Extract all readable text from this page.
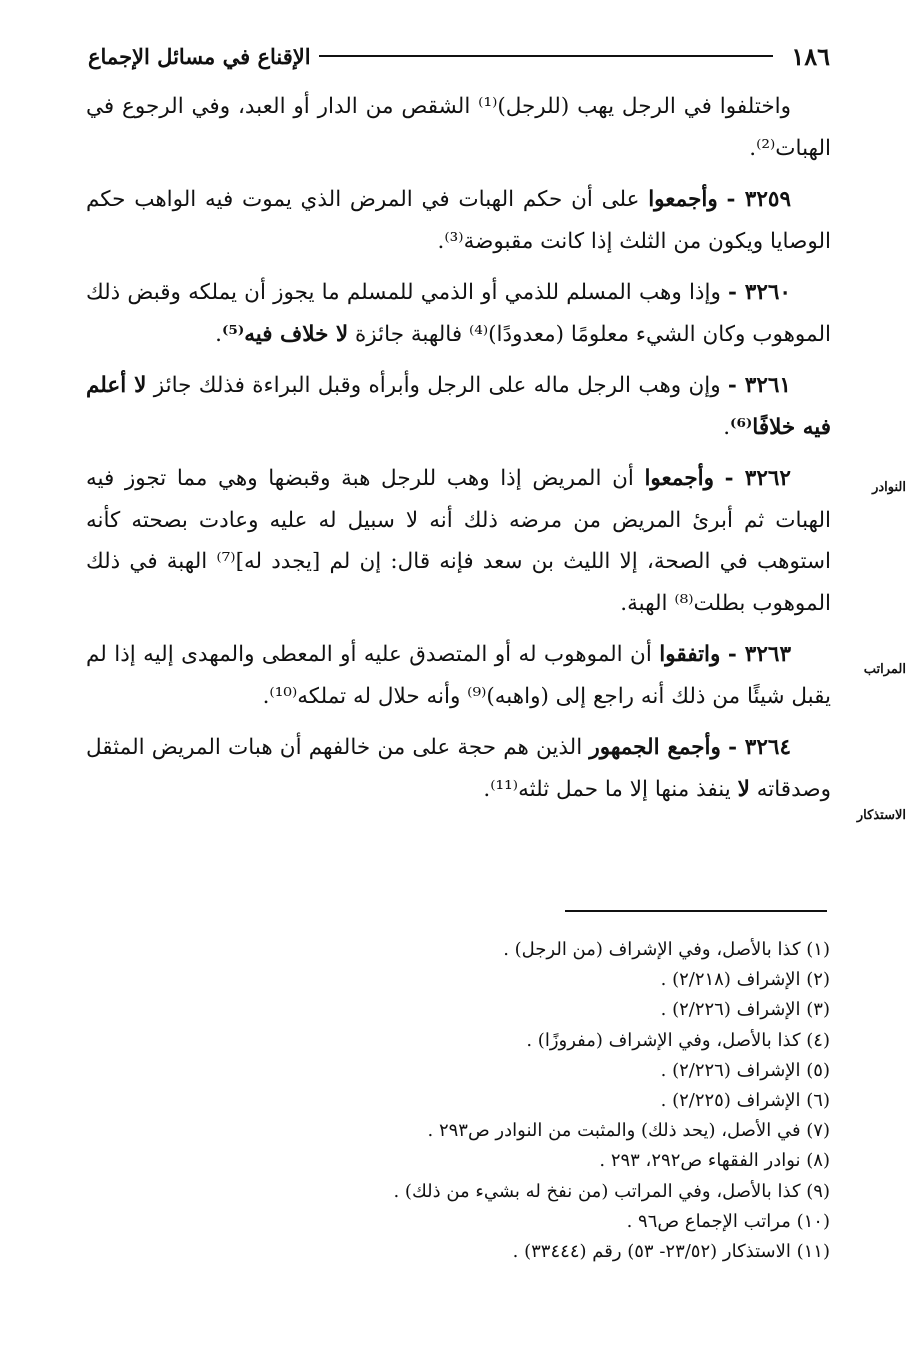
١٨٦
الإقناع في مسائل الإجماع

واختلفوا في الرجل يهب (للرجل)⁽¹⁾ الشقص من الدار أو العبد، وفي الرجوع في الهبات⁽²⁾.

٣٢٥٩ - وأجمعوا على أن حكم الهبات في المرض الذي يموت فيه الواهب حكم الوصايا ويكون من الثلث إذا كانت مقبوضة⁽³⁾.

٣٢٦٠ - وإذا وهب المسلم للذمي أو الذمي للمسلم ما يجوز أن يملكه وقبض ذلك الموهوب وكان الشيء معلومًا (معدودًا)⁽⁴⁾ فالهبة جائزة لا خلاف فيه⁽⁵⁾.

٣٢٦١ - وإن وهب الرجل ماله على الرجل وأبرأه وقبل البراءة فذلك جائز لا أعلم فيه خلافًا⁽⁶⁾.

٣٢٦٢ - وأجمعوا أن المريض إذا وهب للرجل هبة وقبضها وهي مما تجوز فيه الهبات ثم أبرئ المريض من مرضه ذلك أنه لا سبيل له عليه وعادت بصحته كأنه استوهب في الصحة، إلا الليث بن سعد فإنه قال: إن لم [يجدد له]⁽⁷⁾ الهبة في ذلك الموهوب بطلت⁽⁸⁾ الهبة.

٣٢٦٣ - واتفقوا أن الموهوب له أو المتصدق عليه أو المعطى والمهدى إليه إذا لم يقبل شيئًا من ذلك أنه راجع إلى (واهبه)⁽⁹⁾ وأنه حلال له تملكه⁽¹⁰⁾.

٣٢٦٤ - وأجمع الجمهور الذين هم حجة على من خالفهم أن هبات المريض المثقل وصدقاته لا ينفذ منها إلا ما حمل ثلثه⁽¹¹⁾.

النوادر
المراتب
الاستذكار
(١) كذا بالأصل، وفي الإشراف (من الرجل) .
(٢) الإشراف (٢/٢١٨) .
(٣) الإشراف (٢/٢٢٦) .
(٤) كذا بالأصل، وفي الإشراف (مفروزًا) .
(٥) الإشراف (٢/٢٢٦) .
(٦) الإشراف (٢/٢٢٥) .
(٧) في الأصل، (يحد ذلك) والمثبت من النوادر ص٢٩٣ .
(٨) نوادر الفقهاء ص٢٩٢، ٢٩٣ .
(٩) كذا بالأصل، وفي المراتب (من نفخ له بشيء من ذلك) .
(١٠) مراتب الإجماع ص٩٦ .
(١١) الاستذكار (٢٣/٥٢- ٥٣) رقم (٣٣٤٤٤) .
